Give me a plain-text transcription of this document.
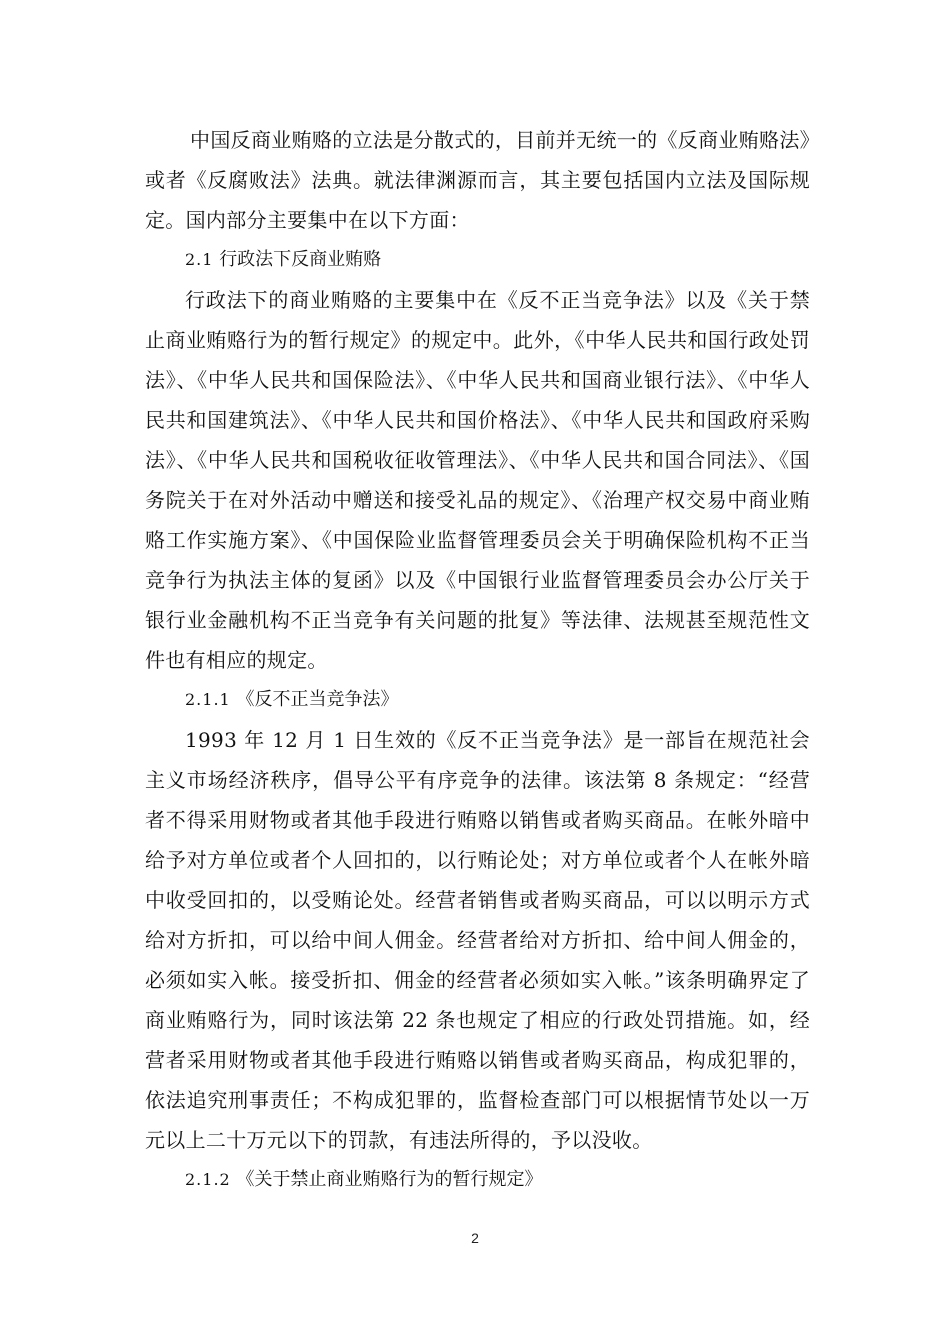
中国反商业贿赂的立法是分散式的，目前并无统一的《反商业贿赂法》或者《反腐败法》法典。就法律渊源而言，其主要包括国内立法及国际规定。国内部分主要集中在以下方面：

2.1 行政法下反商业贿赂

行政法下的商业贿赂的主要集中在《反不正当竞争法》以及《关于禁止商业贿赂行为的暂行规定》的规定中。此外，《中华人民共和国行政处罚法》、《中华人民共和国保险法》、《中华人民共和国商业银行法》、《中华人民共和国建筑法》、《中华人民共和国价格法》、《中华人民共和国政府采购法》、《中华人民共和国税收征收管理法》、《中华人民共和国合同法》、《国务院关于在对外活动中赠送和接受礼品的规定》、《治理产权交易中商业贿赂工作实施方案》、《中国保险业监督管理委员会关于明确保险机构不正当竞争行为执法主体的复函》以及《中国银行业监督管理委员会办公厅关于银行业金融机构不正当竞争有关问题的批复》等法律、法规甚至规范性文件也有相应的规定。

2.1.1 《反不正当竞争法》

1993 年 12 月 1 日生效的《反不正当竞争法》是一部旨在规范社会主义市场经济秩序，倡导公平有序竞争的法律。该法第 8 条规定：“经营者不得采用财物或者其他手段进行贿赂以销售或者购买商品。在帐外暗中给予对方单位或者个人回扣的，以行贿论处；对方单位或者个人在帐外暗中收受回扣的，以受贿论处。经营者销售或者购买商品，可以以明示方式给对方折扣，可以给中间人佣金。经营者给对方折扣、给中间人佣金的，必须如实入帐。接受折扣、佣金的经营者必须如实入帐。”该条明确界定了商业贿赂行为，同时该法第 22 条也规定了相应的行政处罚措施。如，经营者采用财物或者其他手段进行贿赂以销售或者购买商品，构成犯罪的，依法追究刑事责任；不构成犯罪的，监督检查部门可以根据情节处以一万元以上二十万元以下的罚款，有违法所得的，予以没收。

2.1.2 《关于禁止商业贿赂行为的暂行规定》

2
